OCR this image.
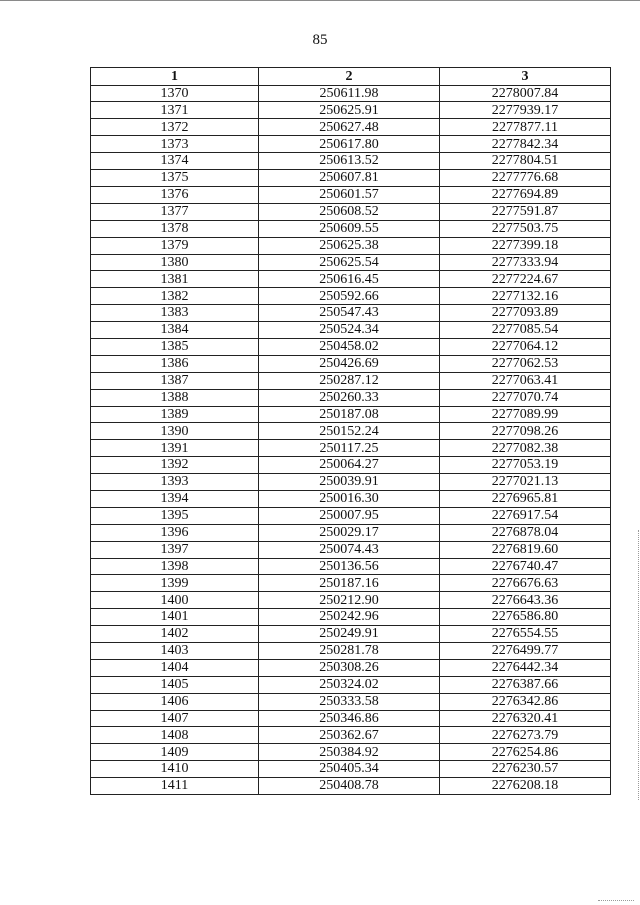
85
1	2	3
1370	250611.98	2278007.84
1371	250625.91	2277939.17
1372	250627.48	2277877.11
1373	250617.80	2277842.34
1374	250613.52	2277804.51
1375	250607.81	2277776.68
1376	250601.57	2277694.89
1377	250608.52	2277591.87
1378	250609.55	2277503.75
1379	250625.38	2277399.18
1380	250625.54	2277333.94
1381	250616.45	2277224.67
1382	250592.66	2277132.16
1383	250547.43	2277093.89
1384	250524.34	2277085.54
1385	250458.02	2277064.12
1386	250426.69	2277062.53
1387	250287.12	2277063.41
1388	250260.33	2277070.74
1389	250187.08	2277089.99
1390	250152.24	2277098.26
1391	250117.25	2277082.38
1392	250064.27	2277053.19
1393	250039.91	2277021.13
1394	250016.30	2276965.81
1395	250007.95	2276917.54
1396	250029.17	2276878.04
1397	250074.43	2276819.60
1398	250136.56	2276740.47
1399	250187.16	2276676.63
1400	250212.90	2276643.36
1401	250242.96	2276586.80
1402	250249.91	2276554.55
1403	250281.78	2276499.77
1404	250308.26	2276442.34
1405	250324.02	2276387.66
1406	250333.58	2276342.86
1407	250346.86	2276320.41
1408	250362.67	2276273.79
1409	250384.92	2276254.86
1410	250405.34	2276230.57
1411	250408.78	2276208.18
